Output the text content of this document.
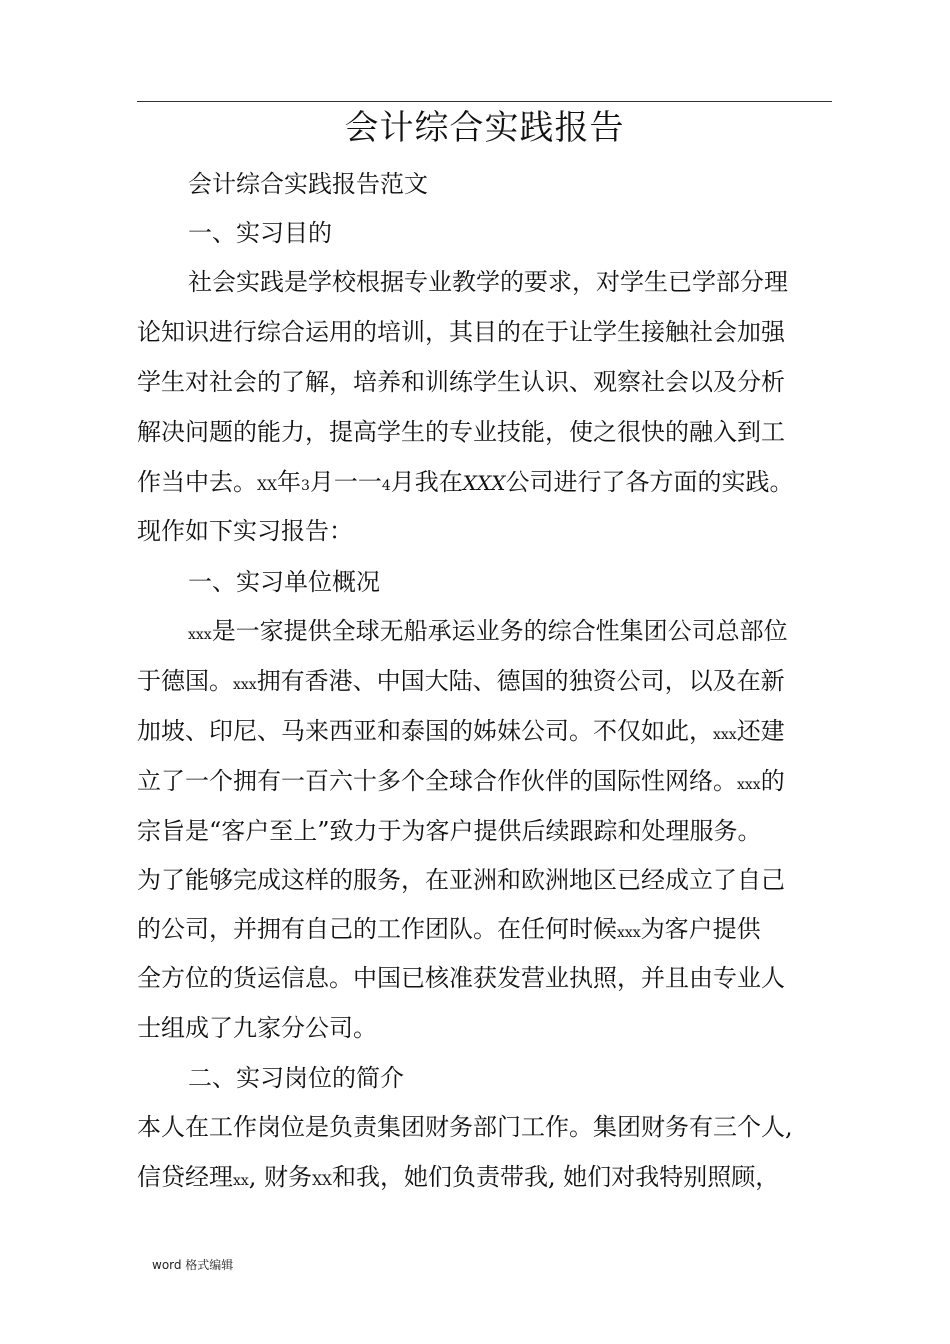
会计综合实践报告
会计综合实践报告范文
一、实习目的
社会实践是学校根据专业教学的要求，对学生已学部分理
论知识进行综合运用的培训，其目的在于让学生接触社会加强
学生对社会的了解，培养和训练学生认识、观察社会以及分析
解决问题的能力，提高学生的专业技能，使之很快的融入到工
作当中去。XX年3月一一4月我在XXX公司进行了各方面的实践。
现作如下实习报告：
一、实习单位概况
xxx是一家提供全球无船承运业务的综合性集团公司总部位
于德国。xxx拥有香港、中国大陆、德国的独资公司，以及在新
加坡、印尼、马来西亚和泰国的姊妹公司。不仅如此，xxx还建
立了一个拥有一百六十多个全球合作伙伴的国际性网络。xxx的
宗旨是“客户至上”致力于为客户提供后续跟踪和处理服务。
为了能够完成这样的服务，在亚洲和欧洲地区已经成立了自己
的公司，并拥有自己的工作团队。在任何时候xxx为客户提供
全方位的货运信息。中国已核准获发营业执照，并且由专业人
士组成了九家分公司。
二、实习岗位的简介
本人在工作岗位是负责集团财务部门工作。集团财务有三个人,
信贷经理xx, 财务XX和我，她们负责带我, 她们对我特别照顾，
word 格式编辑
